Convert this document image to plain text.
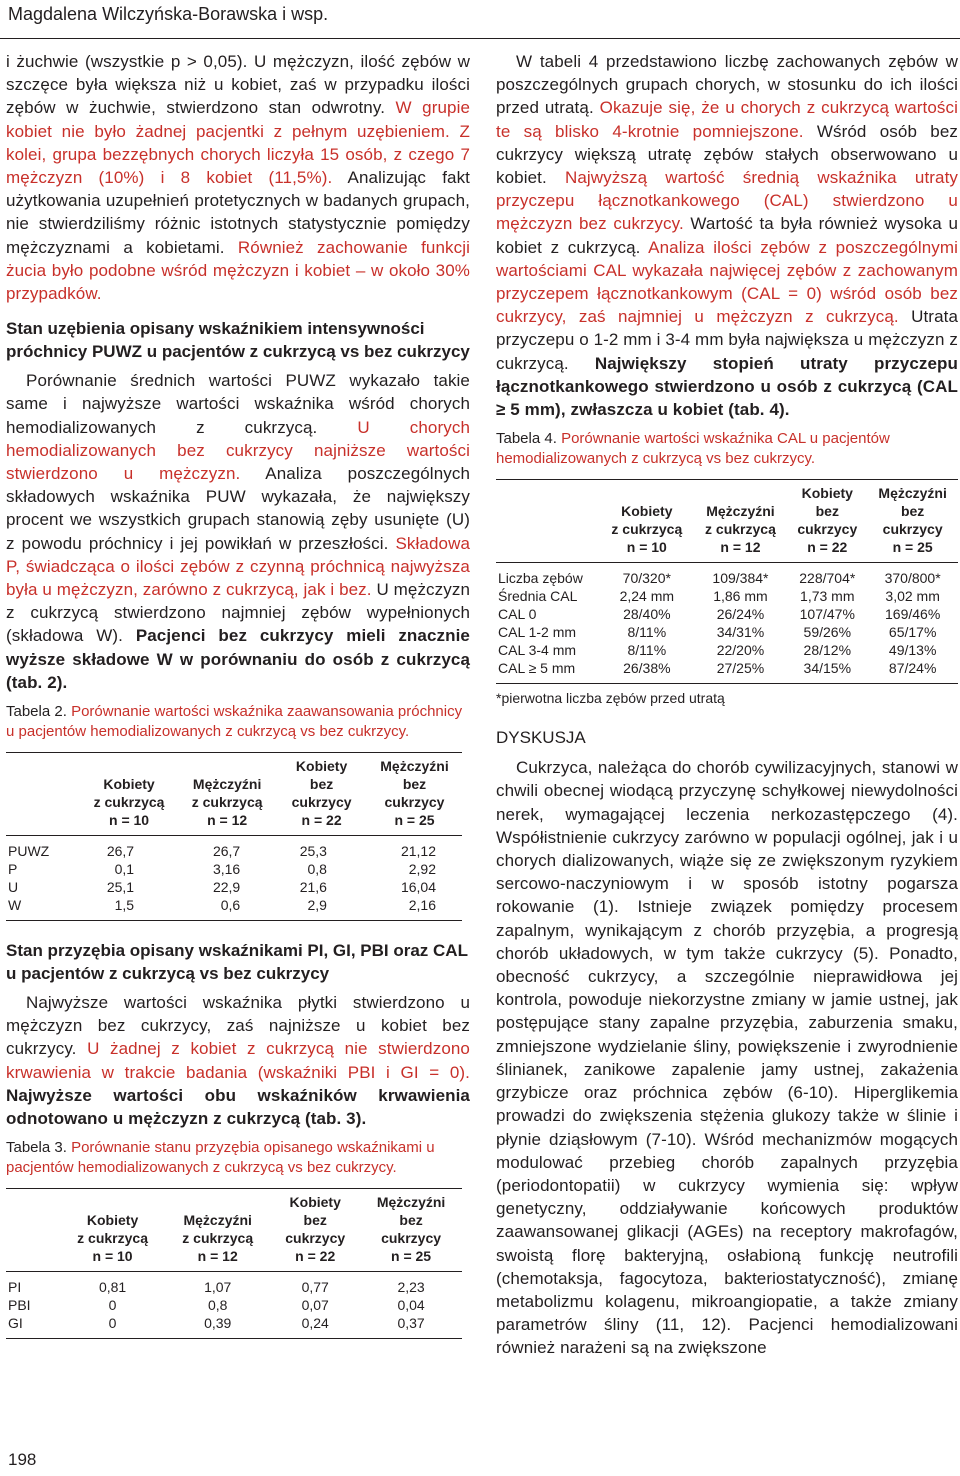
Magdalena Wilczyńska-Borawska i wsp.

i żuchwie (wszystkie p > 0,05). U mężczyzn, ilość zębów w szczęce była większa niż u kobiet, zaś w przypadku ilości zębów w żuchwie, stwierdzono stan odwrotny. W grupie kobiet nie było żadnej pacjentki z pełnym uzębieniem. Z kolei, grupa bezzębnych chorych liczyła 15 osób, z czego 7 mężczyzn (10%) i 8 kobiet (11,5%). Analizując fakt użytkowania uzupełnień protetycznych w badanych grupach, nie stwierdziliśmy różnic istotnych statystycznie pomiędzy mężczyznami a kobietami. Również zachowanie funkcji żucia było podobne wśród mężczyzn i kobiet – w około 30% przypadków.

Stan uzębienia opisany wskaźnikiem intensywności próchnicy PUWZ u pacjentów z cukrzycą vs bez cukrzycy

Porównanie średnich wartości PUWZ wykazało takie same i najwyższe wartości wskaźnika wśród chorych hemodializowanych z cukrzycą. U chorych hemodializowanych bez cukrzycy najniższe wartości stwierdzono u mężczyzn. Analiza poszczególnych składowych wskaźnika PUW wykazała, że największy procent we wszystkich grupach stanowią zęby usunięte (U) z powodu próchnicy i jej powikłań w przeszłości. Składowa P, świadcząca o ilości zębów z czynną próchnicą najwyższa była u mężczyzn, zarówno z cukrzycą, jak i bez. U mężczyzn z cukrzycą stwierdzono najmniej zębów wypełnionych (składowa W). Pacjenci bez cukrzycy mieli znacznie wyższe składowe W w porównaniu do osób z cukrzycą (tab. 2).

Tabela 2. Porównanie wartości wskaźnika zaawansowania próchnicy u pacjentów hemodializowanych z cukrzycą vs bez cukrzycy.
	Kobiety
z cukrzycą
n = 10	Mężczyźni
z cukrzycą
n = 12	Kobiety
bez
cukrzycy
n = 22	Mężczyźni
bez
cukrzycy
n = 25
PUWZ	26,7	26,7	25,3	21,12
P	0,1	3,16	0,8	2,92
U	25,1	22,9	21,6	16,04
W	1,5	0,6	2,9	2,16
Stan przyzębia opisany wskaźnikami PI, GI, PBI oraz CAL u pacjentów z cukrzycą vs bez cukrzycy

Najwyższe wartości wskaźnika płytki stwierdzono u mężczyzn bez cukrzycy, zaś najniższe u kobiet bez cukrzycy. U żadnej z kobiet z cukrzycą nie stwierdzono krwawienia w trakcie badania (wskaźniki PBI i GI = 0). Najwyższe wartości obu wskaźników krwawienia odnotowano u mężczyzn z cukrzycą (tab. 3).

Tabela 3. Porównanie stanu przyzębia opisanego wskaźnikami u pacjentów hemodializowanych z cukrzycą vs bez cukrzycy.
	Kobiety
z cukrzycą
n = 10	Mężczyźni
z cukrzycą
n = 12	Kobiety
bez
cukrzycy
n = 22	Mężczyźni
bez
cukrzycy
n = 25
PI	0,81	1,07	0,77	2,23
PBI	0	0,8	0,07	0,04
GI	0	0,39	0,24	0,37

W tabeli 4 przedstawiono liczbę zachowanych zębów w poszczególnych grupach chorych, w stosunku do ich ilości przed utratą. Okazuje się, że u chorych z cukrzycą wartości te są blisko 4-krotnie pomniejszone. Wśród osób bez cukrzycy większą utratę zębów stałych obserwowano u kobiet. Najwyższą wartość średnią wskaźnika utraty przyczepu łącznotkankowego (CAL) stwierdzono u mężczyzn bez cukrzycy. Wartość ta była również wysoka u kobiet z cukrzycą. Analiza ilości zębów z poszczególnymi wartościami CAL wykazała najwięcej zębów z zachowanym przyczepem łącznotkankowym (CAL = 0) wśród osób bez cukrzycy, zaś najmniej u mężczyzn z cukrzycą. Utrata przyczepu o 1-2 mm i 3-4 mm była największa u mężczyzn z cukrzycą. Największy stopień utraty przyczepu łącznotkankowego stwierdzono u osób z cukrzycą (CAL ≥ 5 mm), zwłaszcza u kobiet (tab. 4).

Tabela 4. Porównanie wartości wskaźnika CAL u pacjentów hemodializowanych z cukrzycą vs bez cukrzycy.
	Kobiety
z cukrzycą
n = 10	Mężczyźni
z cukrzycą
n = 12	Kobiety
bez
cukrzycy
n = 22	Mężczyźni
bez
cukrzycy
n = 25
Liczba zębów	70/320*	109/384*	228/704*	370/800*
Średnia CAL	2,24 mm	1,86 mm	1,73 mm	3,02 mm
CAL 0	28/40%	26/24%	107/47%	169/46%
CAL 1-2 mm	8/11%	34/31%	59/26%	65/17%
CAL 3-4 mm	8/11%	22/20%	28/12%	49/13%
CAL ≥ 5 mm	26/38%	27/25%	34/15%	87/24%
*pierwotna liczba zębów przed utratą
DYSKUSJA

Cukrzyca, należąca do chorób cywilizacyjnych, stanowi w chwili obecnej wiodącą przyczynę schyłkowej niewydolności nerek, wymagającej leczenia nerkozastępczego (4). Współistnienie cukrzycy zarówno w populacji ogólnej, jak i u chorych dializowanych, wiąże się ze zwiększonym ryzykiem sercowo-naczyniowym i w sposób istotny pogarsza rokowanie (1). Istnieje związek pomiędzy procesem zapalnym, wynikającym z chorób przyzębia, a progresją chorób układowych, w tym także cukrzycy (5). Ponadto, obecność cukrzycy, a szczególnie nieprawidłowa jej kontrola, powoduje niekorzystne zmiany w jamie ustnej, jak postępujące stany zapalne przyzębia, zaburzenia smaku, zmniejszone wydzielanie śliny, powiększenie i zwyrodnienie ślinianek, zanikowe zapalenie jamy ustnej, zakażenia grzybicze oraz próchnica zębów (6-10). Hiperglikemia prowadzi do zwiększenia stężenia glukozy także w ślinie i płynie dziąsłowym (7-10). Wśród mechanizmów mogących modulować przebieg chorób zapalnych przyzębia (periodontopatii) w cukrzycy wymienia się: wpływ genetyczny, oddziaływanie końcowych produktów zaawansowanej glikacji (AGEs) na receptory makrofagów, swoistą florę bakteryjną, osłabioną funkcję neutrofili (chemotaksja, fagocytoza, bakteriostatyczność), zmianę metabolizmu kolagenu, mikroangiopatie, a także zmiany parametrów śliny (11, 12). Pacjenci hemodializowani również narażeni są na zwiększone

198
